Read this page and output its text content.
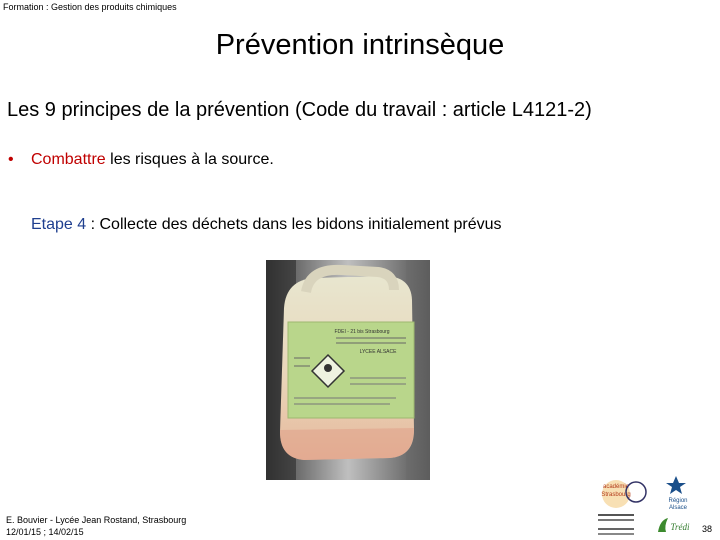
Formation : Gestion des produits chimiques
Prévention intrinsèque
Les 9 principes de la prévention (Code du travail : article L4121-2)
• Combattre les risques à la source.
Etape 4 : Collecte des déchets dans les bidons initialement prévus
FDEI - 21 bis Strasbourg
LYCEE ALSACE
E. Bouvier - Lycée Jean Rostand, Strasbourg
12/01/15 ; 14/02/15
académie
Strasbourg
Région
Alsace
Trédi 38
